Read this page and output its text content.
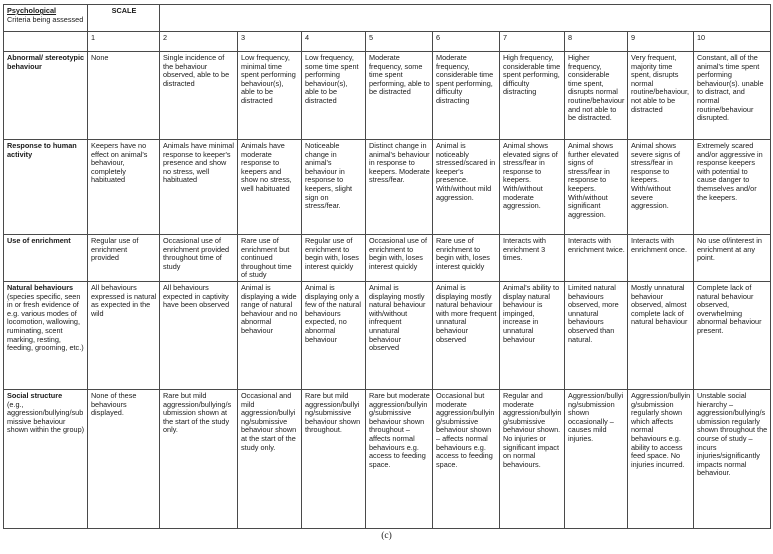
Psychological
Criteria being assessed	SCALE									

	1	2	3	4	5	6	7	8	9	10

Abnormal/ stereotypic behaviour	None	Single incidence of the behaviour observed, able to be distracted	Low frequency, minimal time spent performing behaviour(s), able to be distracted	Low frequency, some time spent performing behaviour(s), able to be distracted	Moderate frequency, some time spent performing, able to be distracted	Moderate frequency, considerable time spent performing, difficulty distracting	High frequency, considerable time spent performing, difficulty distracting	Higher frequency, considerable time spent, disrupts normal routine/behaviour and not able to be distracted.	Very frequent, majority time spent, disrupts normal routine/behaviour, not able to be distracted	Constant, all of the animal's time spent performing behaviour(s). unable to distract, and normal routine/behaviour disrupted.

Response to human activity	Keepers have no effect on animal's behaviour, completely habituated	Animals have minimal response to keeper's presence and show no stress, well habituated	Animals have moderate response to keepers and show no stress, well habituated	Noticeable change in animal's behaviour in response to keepers, slight sign on stress/fear.	Distinct change in animal's behaviour in response to keepers. Moderate stress/fear.	Animal is noticeably stressed/scared in keeper's presence. With/without mild aggression.	Animal shows elevated signs of stress/fear in response to keepers. With/without moderate aggression.	Animal shows further elevated signs of stress/fear in response to keepers. With/without significant aggression.	Animal shows severe signs of stress/fear in response to keepers. With/without severe aggression.	Extremely scared and/or aggressive in response keepers with potential to cause danger to themselves and/or the keepers.

Use of enrichment	Regular use of enrichment provided	Occasional use of enrichment provided throughout time of study	Rare use of enrichment but continued throughout time of study	Regular use of enrichment to begin with, loses interest quickly	Occasional use of enrichment to begin with, loses interest quickly	Rare use of enrichment to begin with, loses interest quickly	Interacts with enrichment 3 times.	Interacts with enrichment twice.	Interacts with enrichment once.	No use of/interest in enrichment at any point.

Natural behaviours
(species specific, seen in or fresh evidence of e.g. various modes of locomotion, wallowing, ruminating, scent marking, resting, feeding, grooming, etc.)	All behaviours expressed is natural as expected in the wild	All behaviours expected in captivity have been observed	Animal is displaying a wide range of natural behaviour and no abnormal behaviour	Animal is displaying only a few of the natural behaviours expected, no abnormal behaviour	Animal is displaying mostly natural behaviour with/without infrequent unnatural behaviour observed	Animal is displaying mostly natural behaviour with more frequent unnatural behaviour observed	Animal's ability to display natural behaviour is impinged, increase in unnatural behaviour	Limited natural behaviours observed, more unnatural behaviours observed than natural.	Mostly unnatural behaviour observed, almost complete lack of natural behaviour	Complete lack of natural behaviour observed, overwhelming abnormal behaviour present.

Social structure
(e.g., aggression/bullying/submissive behaviour shown within the group)	None of these behaviours displayed.	Rare but mild aggression/bullying/submission shown at the start of the study only.	Occasional and mild aggression/bullying/submissive behaviour shown at the start of the study only.	Rare but mild aggression/bullying/submissive behaviour shown throughout.	Rare but moderate aggression/bullying/submissive behaviour shown throughout – affects normal behaviours e.g. access to feeding space.	Occasional but moderate aggression/bullying/submissive behaviour shown – affects normal behaviours e.g. access to feeding space.	Regular and moderate aggression/bullying/submissive behaviour shown. No injuries or significant impact on normal behaviours.	Aggression/bullying/submission shown occasionally – causes mild injuries.	Aggression/bullying/submission regularly shown which affects normal behaviours e.g. ability to access feed space. No injuries incurred.	Unstable social hierarchy – aggression/bullying/submission regularly shown throughout the course of study – incurs injuries/significantly impacts normal behaviour.
(c)
